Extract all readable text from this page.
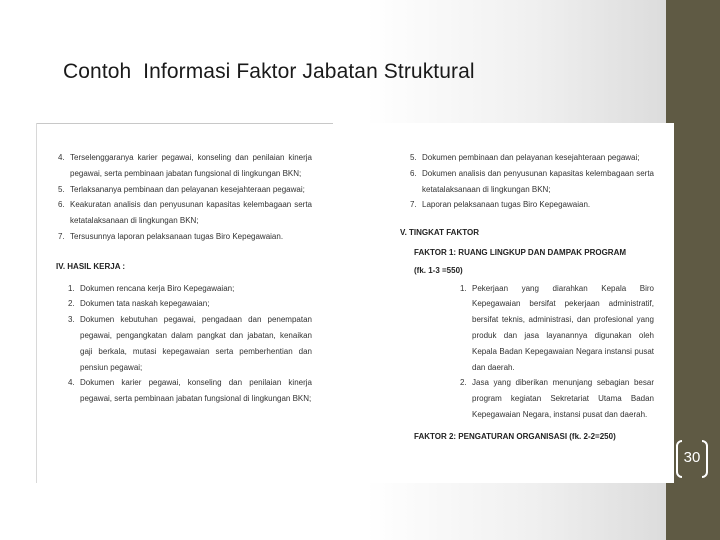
Contoh  Informasi Faktor Jabatan Struktural
4. Terselenggaranya karier pegawai, konseling dan penilaian kinerja pegawai, serta pembinaan jabatan fungsional di lingkungan BKN;
5. Terlaksananya pembinaan dan pelayanan kesejahteraan pegawai;
6. Keakuratan analisis dan penyusunan kapasitas kelembagaan serta ketatalaksanaan di lingkungan BKN;
7. Tersusunnya laporan pelaksanaan tugas Biro Kepegawaian.
IV. HASIL KERJA :
1. Dokumen rencana kerja Biro Kepegawaian;
2. Dokumen tata naskah kepegawaian;
3. Dokumen kebutuhan pegawai, pengadaan dan penempatan pegawai, pengangkatan dalam pangkat dan jabatan, kenaikan gaji berkala, mutasi kepegawaian serta pemberhentian dan pensiun pegawai;
4. Dokumen karier pegawai, konseling dan penilaian kinerja pegawai, serta pembinaan jabatan fungsional di lingkungan BKN;
5. Dokumen pembinaan dan pelayanan kesejahteraan pegawai;
6. Dokumen analisis dan penyusunan kapasitas kelembagaan serta ketatalaksanaan di lingkungan BKN;
7. Laporan pelaksanaan tugas Biro Kepegawaian.
V. TINGKAT FAKTOR
FAKTOR 1: RUANG LINGKUP DAN DAMPAK PROGRAM
(fk. 1-3 =550)
1. Pekerjaan yang diarahkan Kepala Biro Kepegawaian bersifat pekerjaan administratif, bersifat teknis, administrasi, dan profesional yang produk dan jasa layanannya digunakan oleh Kepala Badan Kepegawaian Negara instansi pusat dan daerah.
2. Jasa yang diberikan menunjang sebagian besar program kegiatan Sekretariat Utama Badan Kepegawaian Negara, instansi pusat dan daerah.
FAKTOR 2: PENGATURAN ORGANISASI (fk. 2-2=250)
30
